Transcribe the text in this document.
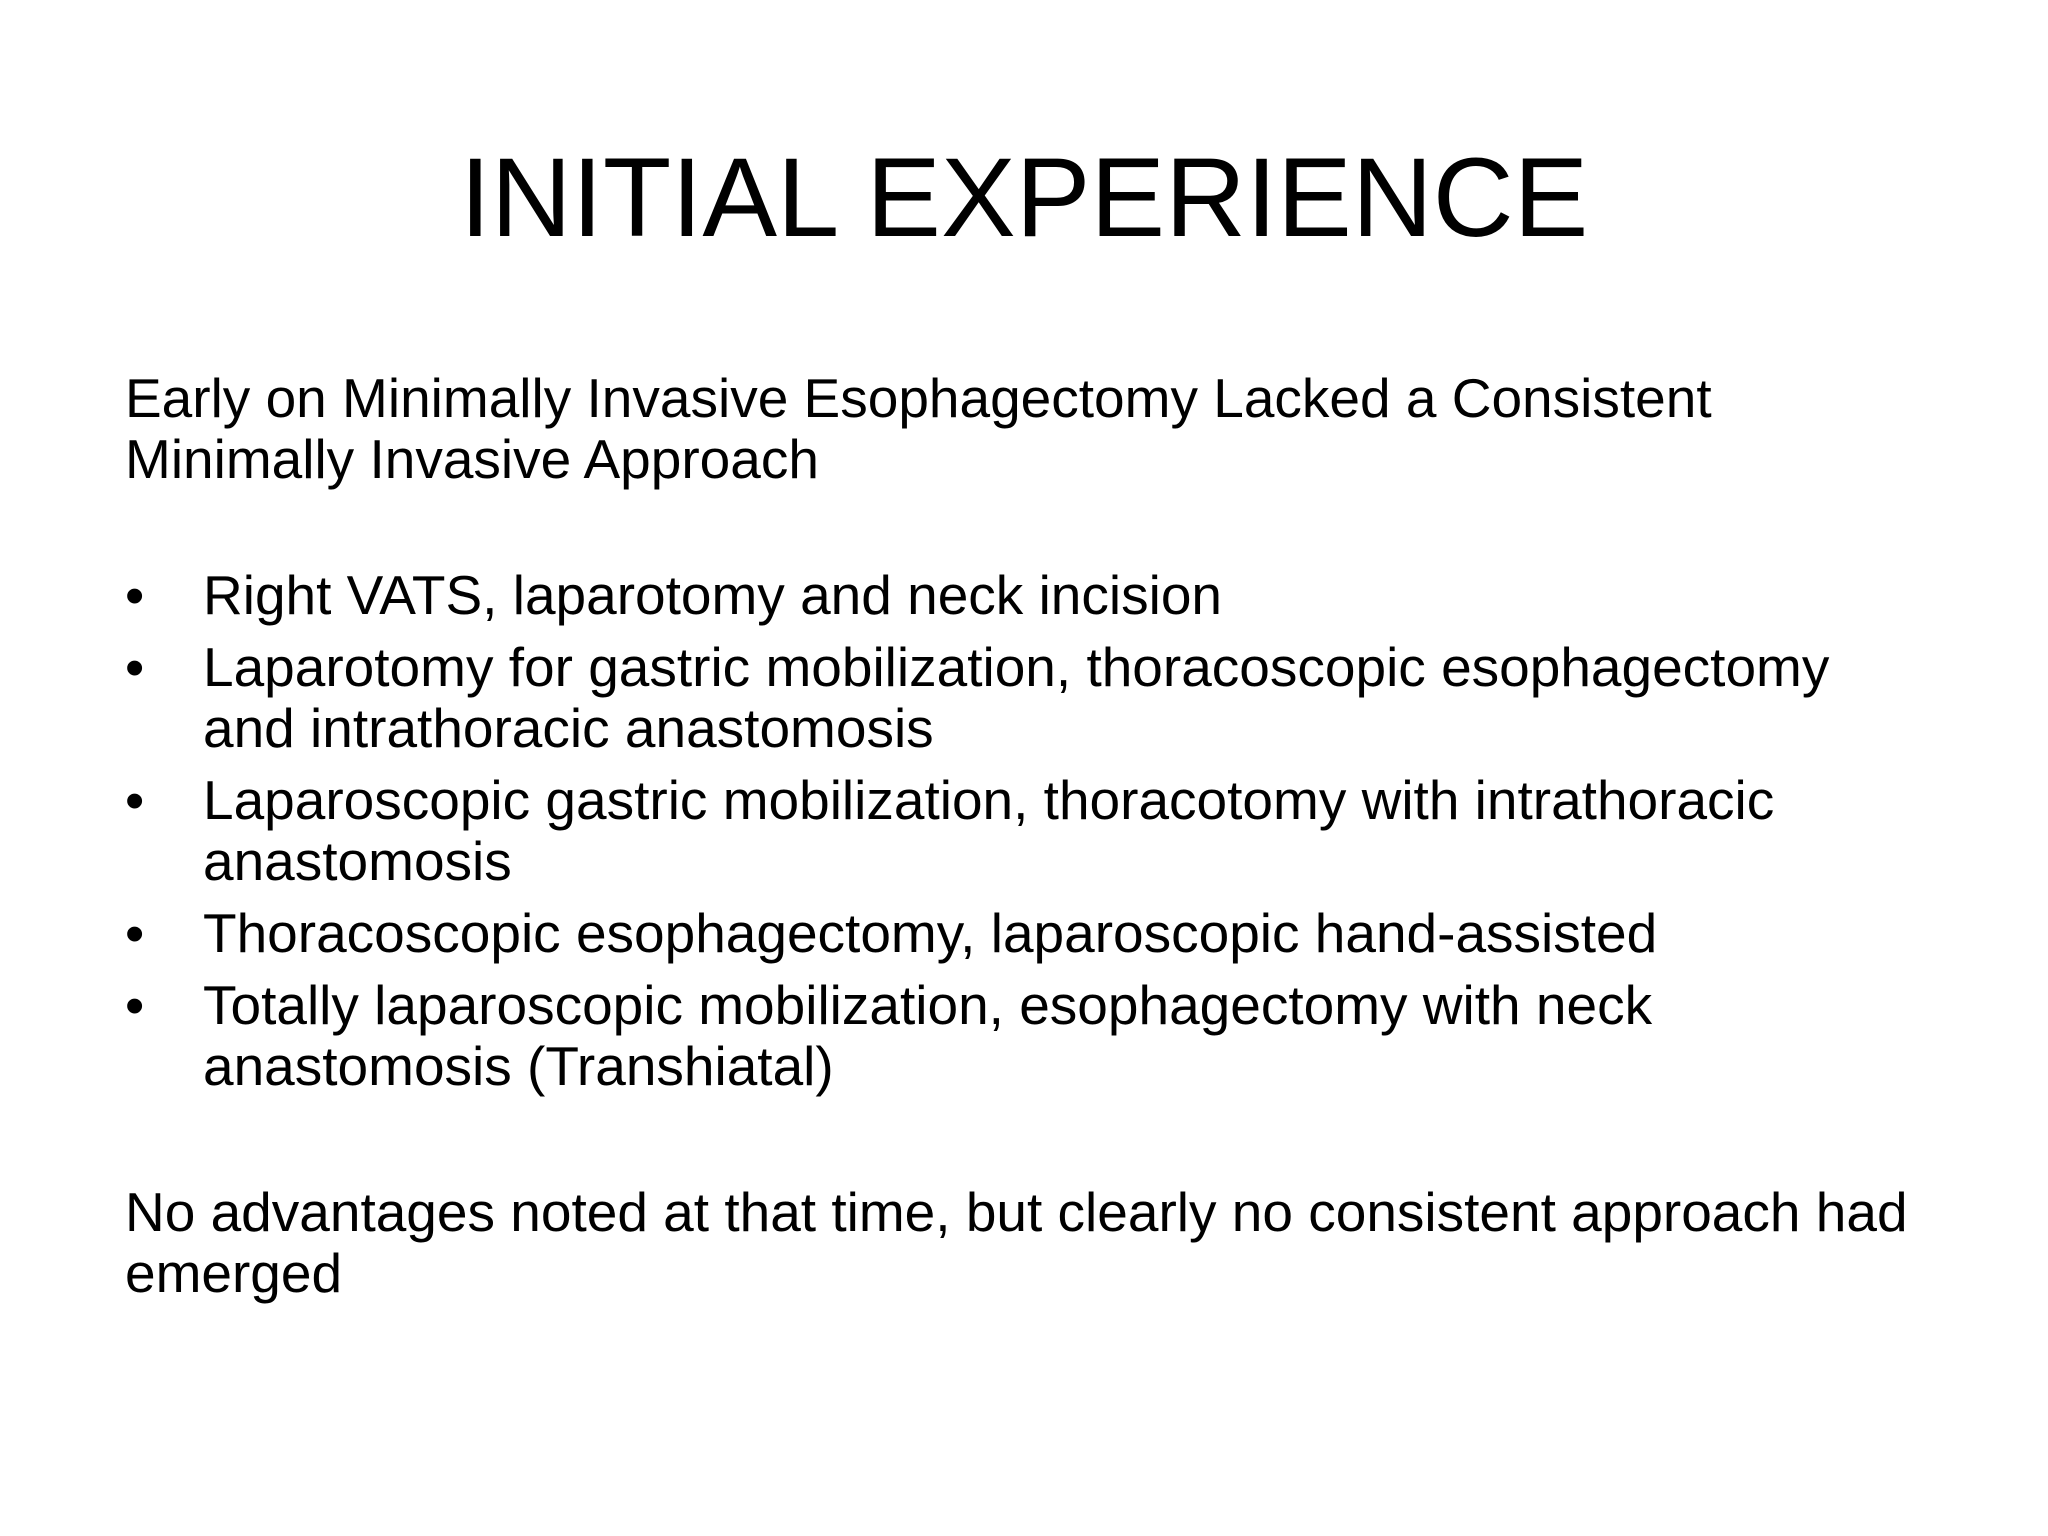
INITIAL EXPERIENCE

Early on Minimally Invasive Esophagectomy Lacked a Consistent Minimally Invasive Approach

• Right VATS, laparotomy and neck incision
• Laparotomy for gastric mobilization, thoracoscopic esophagectomy and intrathoracic anastomosis
• Laparoscopic gastric mobilization, thoracotomy with intrathoracic anastomosis
• Thoracoscopic esophagectomy, laparoscopic hand-assisted
• Totally laparoscopic mobilization, esophagectomy with neck anastomosis (Transhiatal)

No advantages noted at that time, but clearly no consistent approach had emerged
